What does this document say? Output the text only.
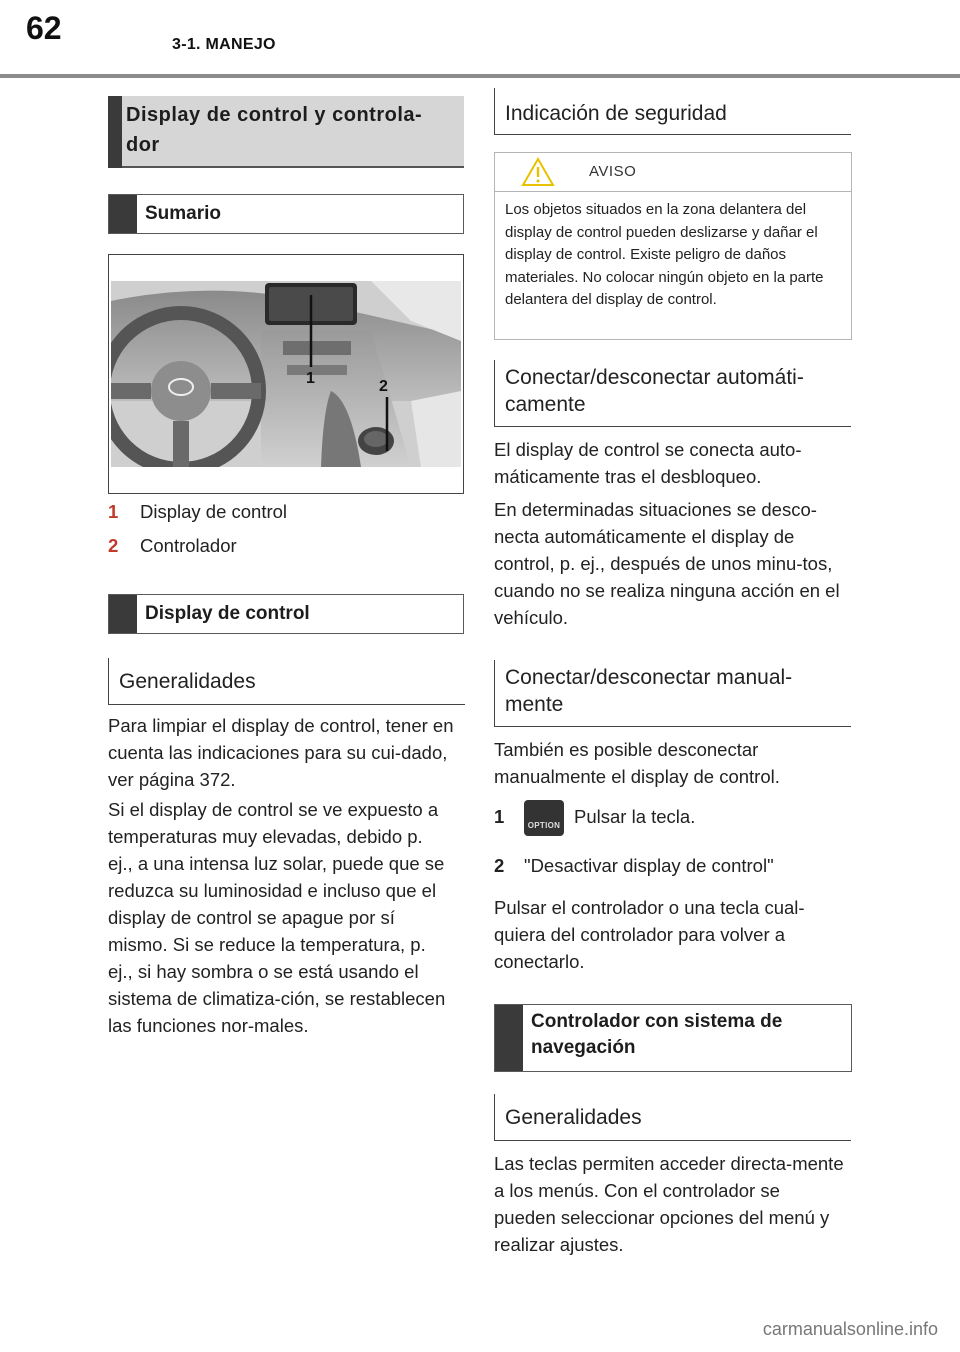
62	3-1. MANEJO
Display de control y controla-
dor
Sumario
1	2
1 Display de control
2 Controlador
Display de control
Generalidades
Para limpiar el display de control, tener en cuenta las indicaciones para su cui-dado, ver página 372.
Si el display de control se ve expuesto a temperaturas muy elevadas, debido p. ej., a una intensa luz solar, puede que se reduzca su luminosidad e incluso que el display de control se apague por sí mismo. Si se reduce la temperatura, p. ej., si hay sombra o se está usando el sistema de climatiza-ción, se restablecen las funciones nor-males.
Indicación de seguridad
AVISO
Los objetos situados en la zona delantera del display de control pueden deslizarse y dañar el display de control. Existe peligro de daños materiales. No colocar ningún objeto en la parte delantera del display de control.
Conectar/desconectar automáti-camente
El display de control se conecta auto-máticamente tras el desbloqueo.
En determinadas situaciones se desco-necta automáticamente el display de control, p. ej., después de unos minu-tos, cuando no se realiza ninguna acción en el vehículo.
Conectar/desconectar manual-mente
También es posible desconectar manualmente el display de control.
1	OPTION Pulsar la tecla.
2 "Desactivar display de control"
Pulsar el controlador o una tecla cual-quiera del controlador para volver a conectarlo.
Controlador con sistema de navegación
Generalidades
Las teclas permiten acceder directa-mente a los menús. Con el controlador se pueden seleccionar opciones del menú y realizar ajustes.
carmanualsonline.info
